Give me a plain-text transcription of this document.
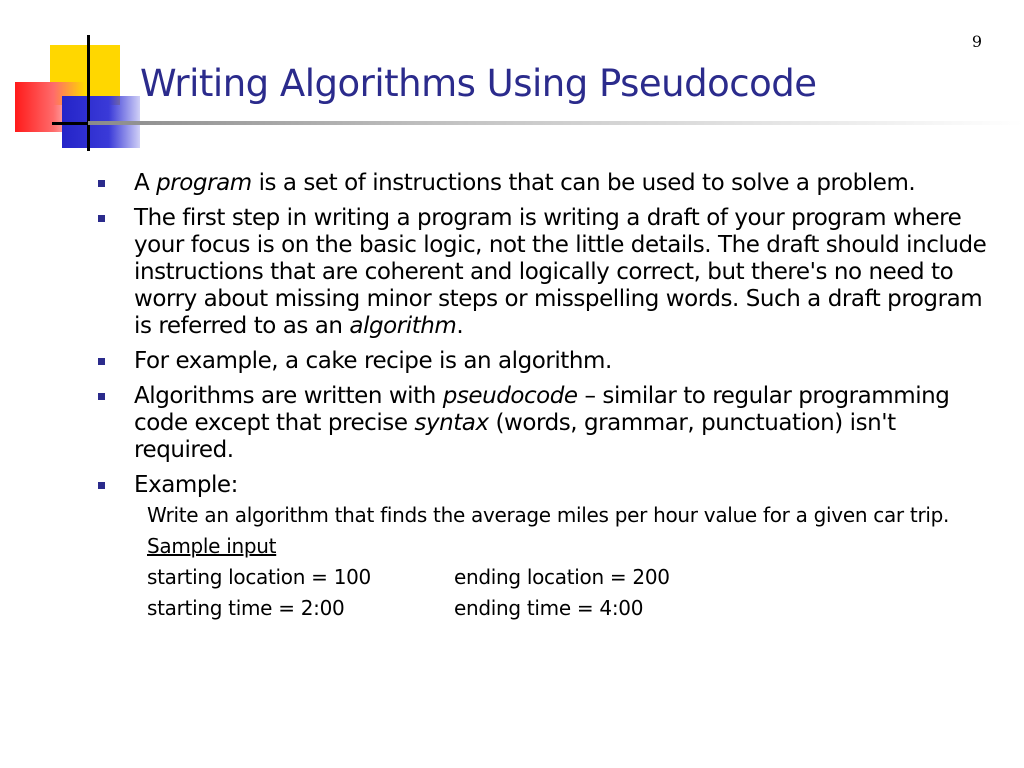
9
Writing Algorithms Using Pseudocode
A program is a set of instructions that can be used to solve a problem.
The first step in writing a program is writing a draft of your program where your focus is on the basic logic, not the little details. The draft should include instructions that are coherent and logically correct, but there's no need to worry about missing minor steps or misspelling words. Such a draft program is referred to as an algorithm.
For example, a cake recipe is an algorithm.
Algorithms are written with pseudocode – similar to regular programming code except that precise syntax (words, grammar, punctuation) isn't required.
Example:
Write an algorithm that finds the average miles per hour value for a given car trip.
Sample input
starting location = 100	ending location = 200
starting time = 2:00	ending time = 4:00
